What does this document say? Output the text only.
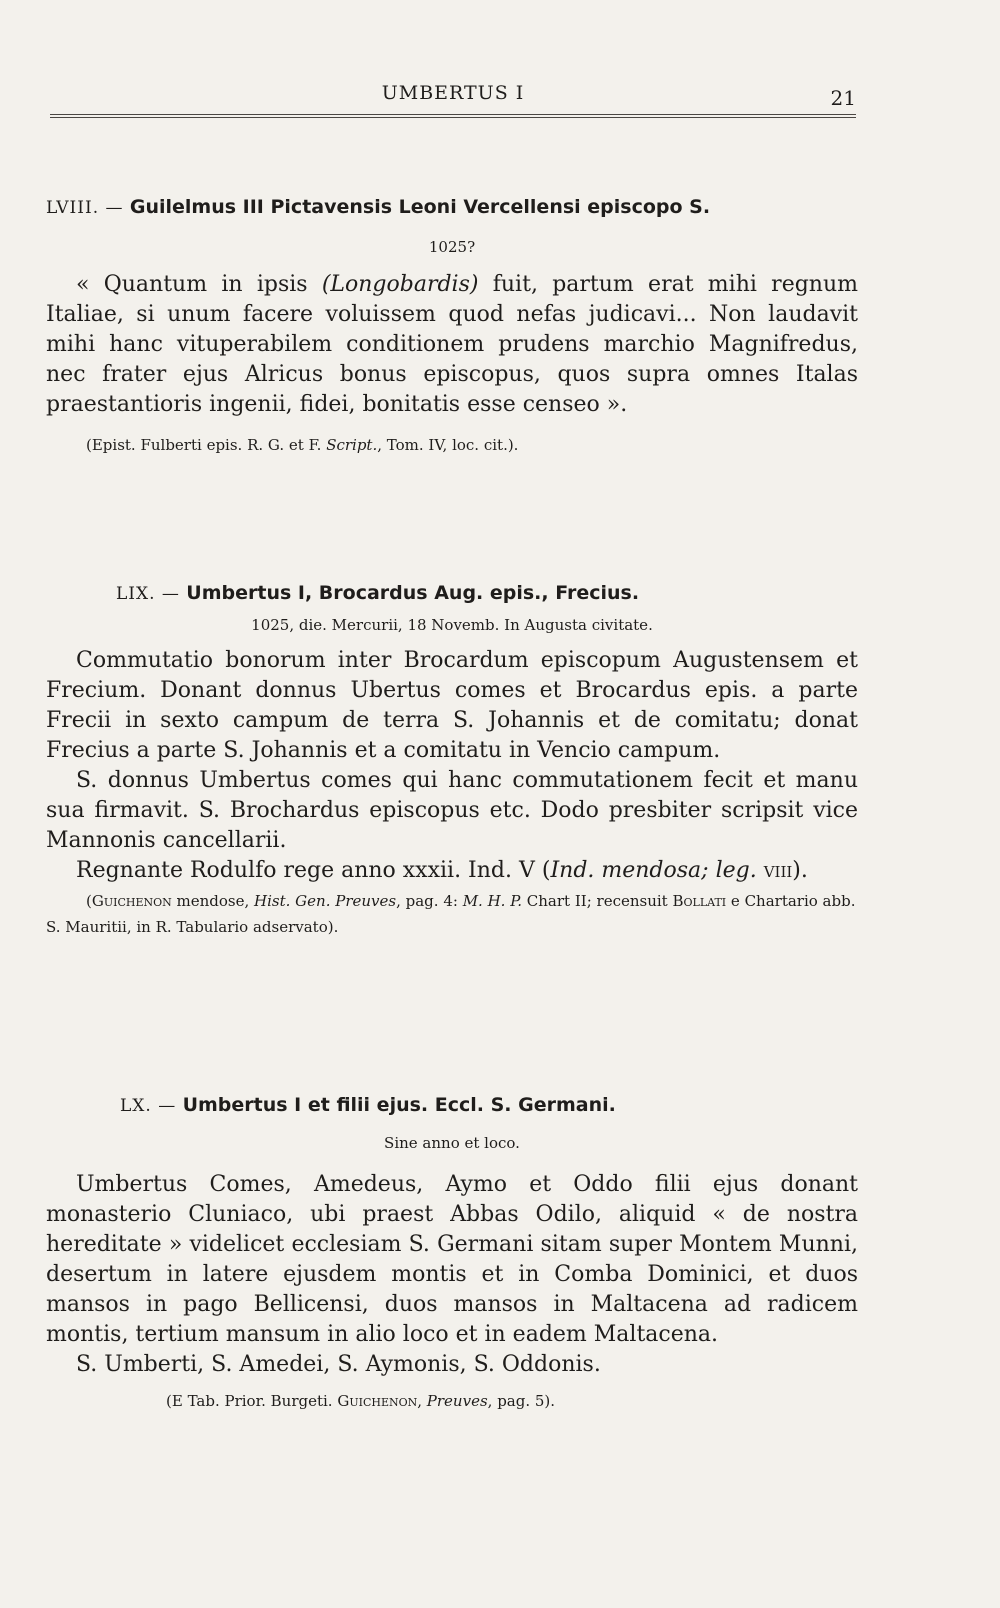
UMBERTUS I	21
LVIII. — Guilelmus III Pictavensis Leoni Vercellensi episcopo S.
1025?

« Quantum in ipsis (Longobardis) fuit, partum erat mihi regnum Italiae, si unum facere voluissem quod nefas judicavi... Non laudavit mihi hanc vituperabilem conditionem prudens marchio Magnifredus, nec frater ejus Alricus bonus episcopus, quos supra omnes Italas praestantioris ingenii, fidei, bonitatis esse censeo ».

(Epist. Fulberti epis. R. G. et F. Script., Tom. IV, loc. cit.).
LIX. — Umbertus I, Brocardus Aug. epis., Frecius.
1025, die. Mercurii, 18 Novemb. In Augusta civitate.

Commutatio bonorum inter Brocardum episcopum Augustensem et Frecium. Donant donnus Ubertus comes et Brocardus epis. a parte Frecii in sexto campum de terra S. Johannis et de comitatu; donat Frecius a parte S. Johannis et a comitatu in Vencio campum.

S. donnus Umbertus comes qui hanc commutationem fecit et manu sua firmavit. S. Brochardus episcopus etc. Dodo presbiter scripsit vice Mannonis cancellarii.

Regnante Rodulfo rege anno xxxii. Ind. V (Ind. mendosa; leg. viii).

(Guichenon mendose, Hist. Gen. Preuves, pag. 4: M. H. P. Chart II; recensuit Bollati e Chartario abb. S. Mauritii, in R. Tabulario adservato).
LX. — Umbertus I et filii ejus. Eccl. S. Germani.
Sine anno et loco.

Umbertus Comes, Amedeus, Aymo et Oddo filii ejus donant monasterio Cluniaco, ubi praest Abbas Odilo, aliquid « de nostra hereditate » videlicet ecclesiam S. Germani sitam super Montem Munni, desertum in latere ejusdem montis et in Comba Dominici, et duos mansos in pago Bellicensi, duos mansos in Maltacena ad radicem montis, tertium mansum in alio loco et in eadem Maltacena.

S. Umberti, S. Amedei, S. Aymonis, S. Oddonis.

(E Tab. Prior. Burgeti. Guichenon, Preuves, pag. 5).
